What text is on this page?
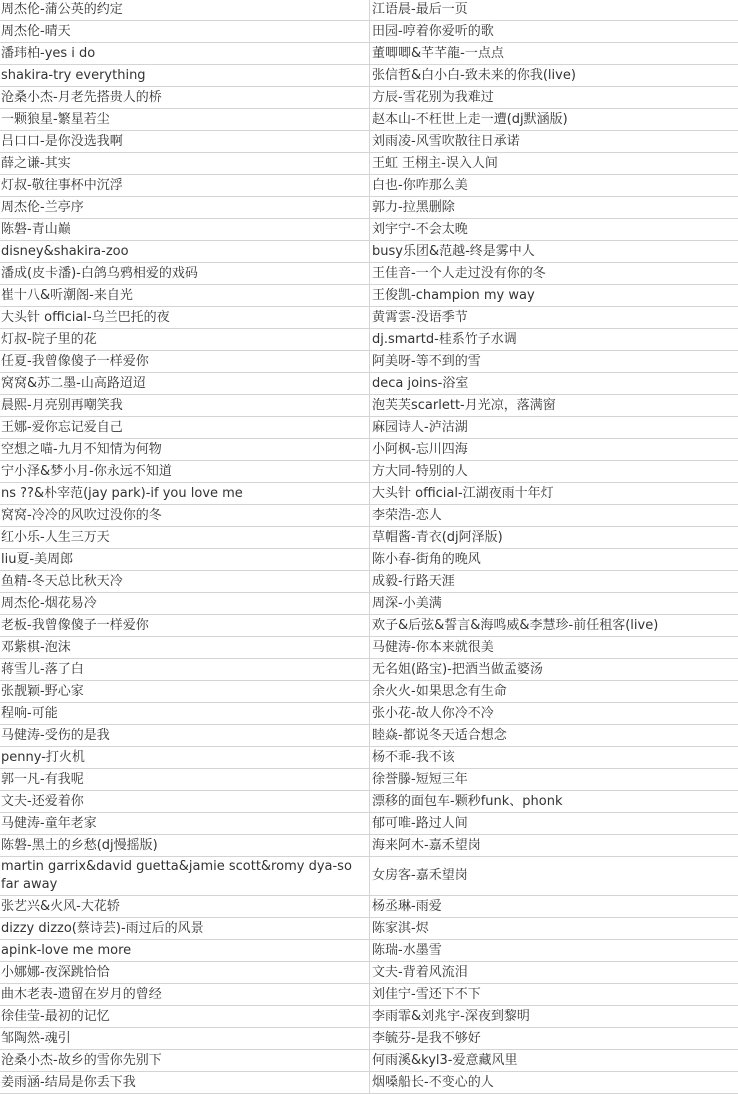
周杰伦-蒲公英的约定	江语晨-最后一页
周杰伦-晴天	田园-哼着你爱听的歌
潘玮柏-yes i do	董唧唧&芊芊龍-一点点
shakira-try everything	张信哲&白小白-致未来的你我(live)
沧桑小杰-月老先搭贵人的桥	方辰-雪花别为我难过
一颗狼星-繁星若尘	赵本山-不枉世上走一遭(dj默涵版)
吕口口-是你没选我啊	刘雨凌-风雪吹散往日承诺
薛之谦-其实	王虹 王栩主-误入人间
灯叔-敬往事杯中沉浮	白也-你咋那么美
周杰伦-兰亭序	郭力-拉黑删除
陈磐-青山巅	刘宇宁-不会太晚
disney&shakira-zoo	busy乐团&范越-终是雾中人
潘成(皮卡潘)-白鸽乌鸦相爱的戏码	王佳音-一个人走过没有你的冬
崔十八&听潮阁-来自光	王俊凯-champion my way
大头针 official-乌兰巴托的夜	黄霄雲-没语季节
灯叔-院子里的花	dj.smartd-桂系竹子水调
任夏-我曾像傻子一样爱你	阿美呀-等不到的雪
窝窝&苏二墨-山高路迢迢	deca joins-浴室
晨熙-月亮别再嘲笑我	泡芙芙scarlett-月光凉，落满窗
王娜-爱你忘记爱自己	麻园诗人-泸沽湖
空想之喵-九月不知情为何物	小阿枫-忘川四海
宁小泽&梦小月-你永远不知道	方大同-特别的人
ns ??&朴宰范(jay park)-if you love me	大头针 official-江湖夜雨十年灯
窝窝-冷冷的风吹过没你的冬	李荣浩-恋人
红小乐-人生三万天	草帽酱-青衣(dj阿泽版)
liu夏-美周郎	陈小春-街角的晚风
鱼精-冬天总比秋天冷	成毅-行路天涯
周杰伦-烟花易冷	周深-小美满
老板-我曾像傻子一样爱你	欢子&后弦&誓言&海鸣威&李慧珍-前任租客(live)
邓紫棋-泡沫	马健涛-你本来就很美
蒋雪儿-落了白	无名姐(路宝)-把酒当做孟婆汤
张靓颖-野心家	余火火-如果思念有生命
程响-可能	张小花-故人你冷不冷
马健涛-受伤的是我	睦焱-都说冬天适合想念
penny-打火机	杨不乖-我不该
郭一凡-有我呢	徐誉滕-短短三年
文夫-还爱着你	漂移的面包车-颗秒funk、phonk
马健涛-童年老家	郁可唯-路过人间
陈磐-黑土的乡愁(dj慢摇版)	海来阿木-嘉禾望岗
martin garrix&david guetta&jamie scott&romy dya-so far away	女房客-嘉禾望岗
张艺兴&火风-大花轿	杨丞琳-雨爱
dizzy dizzo(蔡诗芸)-雨过后的风景	陈家淇-烬
apink-love me more	陈瑞-水墨雪
小娜娜-夜深跳恰恰	文夫-背着风流泪
曲木老表-遗留在岁月的曾经	刘佳宁-雪还下不下
徐佳莹-最初的记忆	李雨霏&刘兆宇-深夜到黎明
邹陶然-魂引	李毓芬-是我不够好
沧桑小杰-故乡的雪你先别下	何雨溪&kyl3-爱意藏风里
姜雨涵-结局是你丢下我	烟嗓船长-不变心的人
